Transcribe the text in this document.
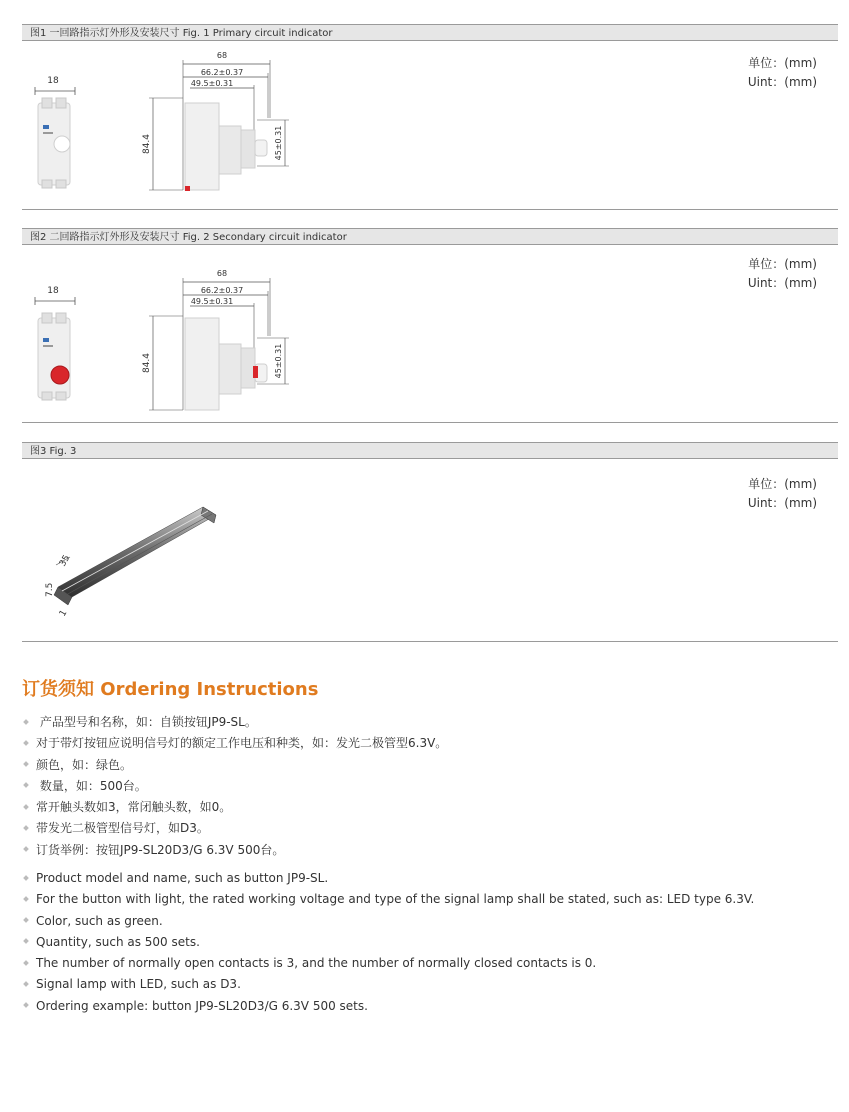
图1 一回路指示灯外形及安装尺寸 Fig. 1 Primary circuit indicator
18
68
66.2±0.37
49.5±0.31
84.4	45±0.31
单位：(mm)
Uint：(mm)
图2 二回路指示灯外形及安装尺寸 Fig. 2 Secondary circuit indicator
18
68
66.2±0.37
49.5±0.31
84.4	45±0.31
单位：(mm)
Uint：(mm)
图3 Fig. 3
35
7.5
1
单位：(mm)
Uint：(mm)
订货须知 Ordering Instructions
产品型号和名称，如：自锁按钮JP9-SL。
对于带灯按钮应说明信号灯的额定工作电压和种类，如：发光二极管型6.3V。
颜色，如：绿色。
数量，如：500台。
常开触头数如3，常闭触头数，如0。
带发光二极管型信号灯，如D3。
订货举例：按钮JP9-SL20D3/G 6.3V 500台。
Product model and name, such as button JP9-SL.
For the button with light, the rated working voltage and type of the signal lamp shall be stated, such as: LED type 6.3V.
Color, such as green.
Quantity, such as 500 sets.
The number of normally open contacts is 3, and the number of normally closed contacts is 0.
Signal lamp with LED, such as D3.
Ordering example: button JP9-SL20D3/G 6.3V 500 sets.
